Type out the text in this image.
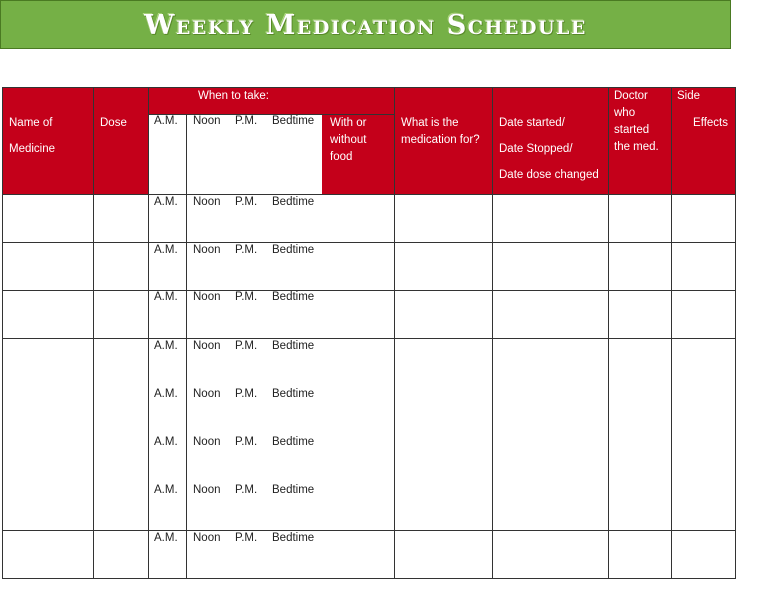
Weekly Medication Schedule
Name of
Medicine
Dose
When to take:
A.M. Noon P.M. Bedtime With or
without
food
What is the
medication for?
Date started/
Date Stopped/
Date dose changed
Doctor
who
started
the med.
Side
Effects
A.M. Noon P.M. Bedtime
A.M. Noon P.M. Bedtime
A.M. Noon P.M. Bedtime
A.M. Noon P.M. Bedtime
A.M. Noon P.M. Bedtime
A.M. Noon P.M. Bedtime
A.M. Noon P.M. Bedtime
A.M. Noon P.M. Bedtime
